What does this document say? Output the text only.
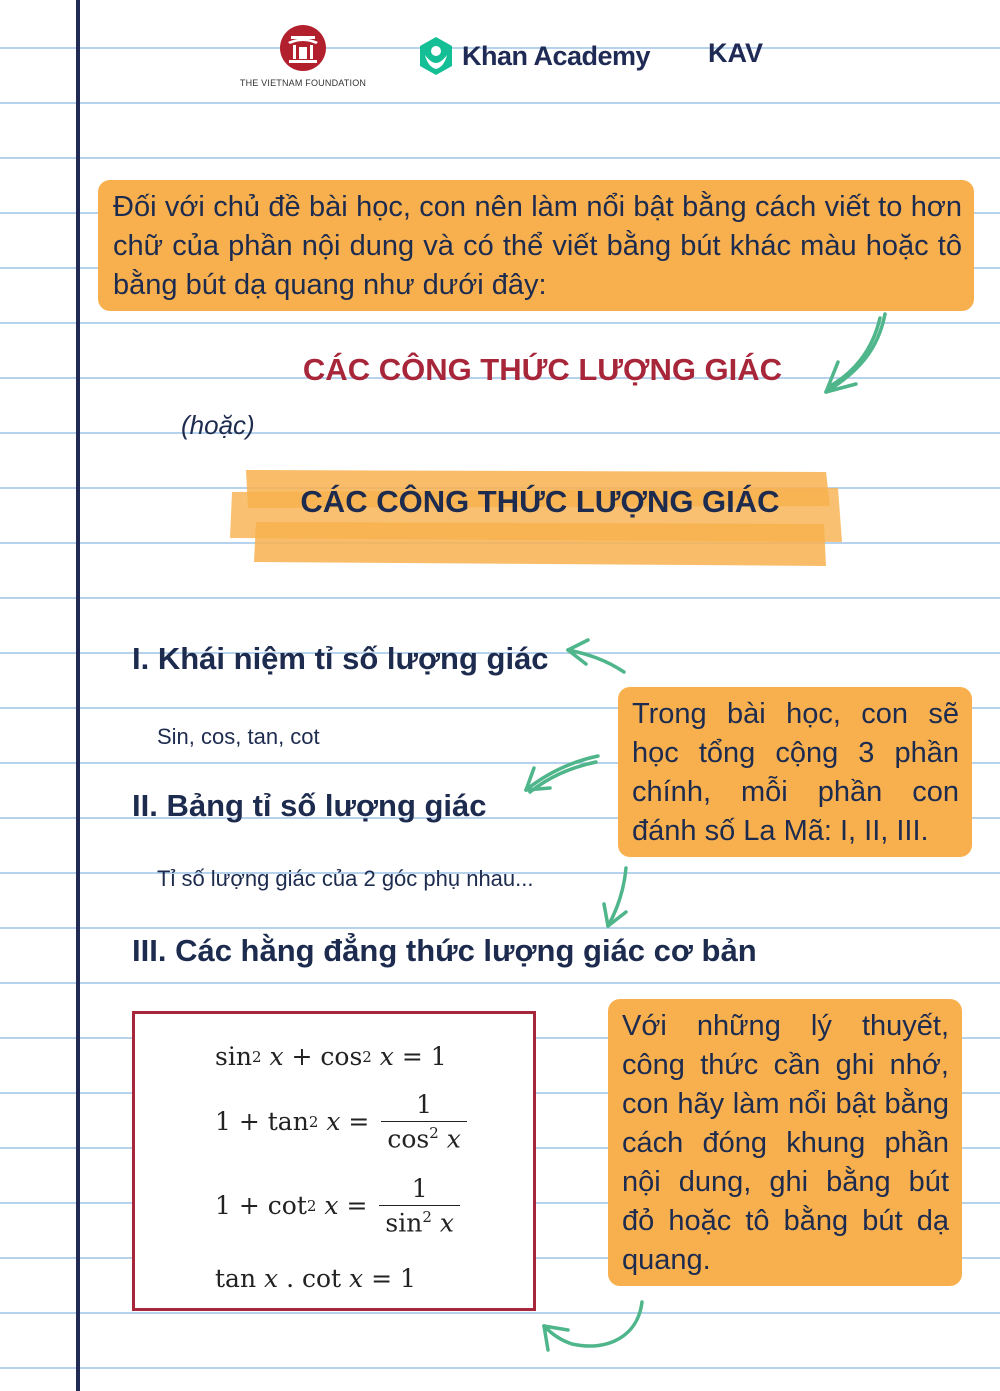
THE VIETNAM FOUNDATION
Khan Academy KAV

Đối với chủ đề bài học, con nên làm nổi bật bằng cách viết to hơn chữ của phần nội dung và có thể viết bằng bút khác màu hoặc tô bằng bút dạ quang như dưới đây:

CÁC CÔNG THỨC LƯỢNG GIÁC
(hoặc)
CÁC CÔNG THỨC LƯỢNG GIÁC
I. Khái niệm tỉ số lượng giác
Sin, cos, tan, cot
II. Bảng tỉ số lượng giác
Tỉ số lượng giác của 2 góc phụ nhau...
III. Các hằng đẳng thức lượng giác cơ bản

Trong bài học, con sẽ học tổng cộng 3 phần chính, mỗi phần con đánh số La Mã: I, II, III.

sin 2
x
+
cos 2
x
=
1
1
+
tan 2
x
= $\frac{1}{\cos^2 x}$
1
+
cot 2
x
= $\frac{1}{\sin^2 x}$
tan
x
.
cot
x
=
1

Với những lý thuyết, công thức cần ghi nhớ, con hãy làm nổi bật bằng cách đóng khung phần nội dung, ghi bằng bút đỏ hoặc tô bằng bút dạ quang.
